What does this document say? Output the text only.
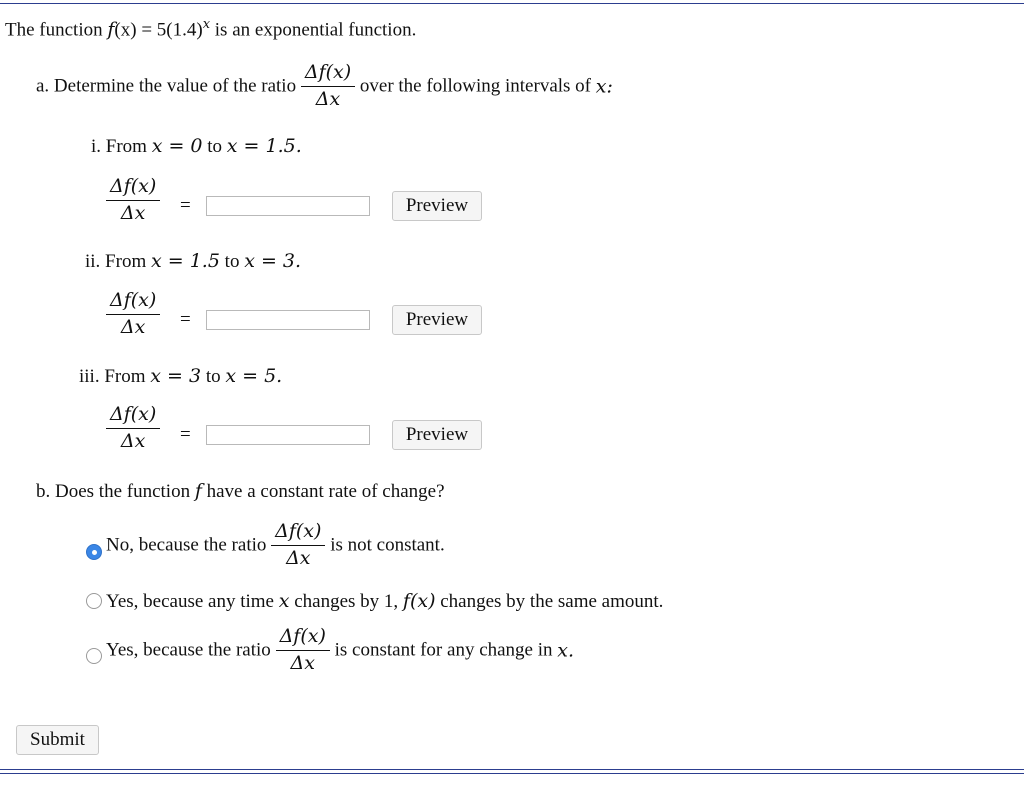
The function $f(x) = 5(1.4)^x$ is an exponential function.
a. Determine the value of the ratio $\frac{\Delta f(x)}{\Delta x}$ over the following intervals of x:
i. From x = 0 to x = 1.5.
$\frac{\Delta f(x)}{\Delta x}$ =	Preview
ii. From x = 1.5 to x = 3.
$\frac{\Delta f(x)}{\Delta x}$ =	Preview
iii. From x = 3 to x = 5.
$\frac{\Delta f(x)}{\Delta x}$ =	Preview
b. Does the function f have a constant rate of change?
No, because the ratio $\frac{\Delta f(x)}{\Delta x}$ is not constant.
Yes, because any time x changes by 1, f(x) changes by the same amount.
Yes, because the ratio $\frac{\Delta f(x)}{\Delta x}$ is constant for any change in x.
Submit
